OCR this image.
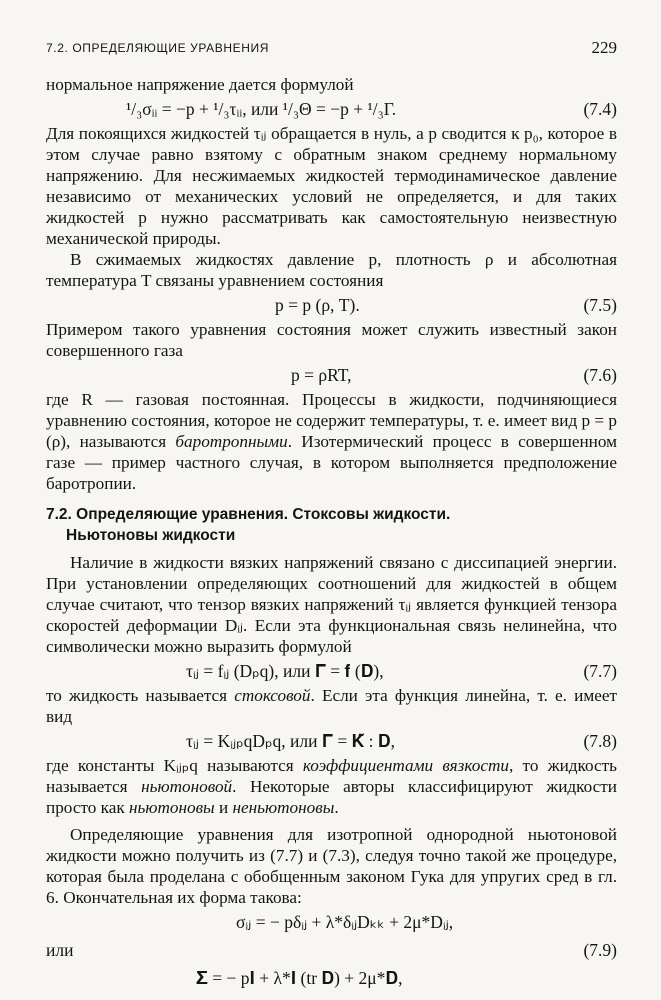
7.2. ОПРЕДЕЛЯЮЩИЕ УРАВНЕНИЯ	229

нормальное напряжение дается формулой

¹/₃σᵢᵢ = −p + ¹/₃τᵢᵢ, или ¹/₃Θ = −p + ¹/₃Γ.	(7.4)

Для покоящихся жидкостей τᵢⱼ обращается в нуль, а p сводится к p₀, которое в этом случае равно взятому с обратным знаком среднему нормальному напряжению. Для несжимаемых жидкостей термодинамическое давление независимо от механических условий не определяется, и для таких жидкостей p нужно рассматривать как самостоятельную неизвестную механической природы.

В сжимаемых жидкостях давление p, плотность ρ и абсолютная температура T связаны уравнением состояния

p = p (ρ, T).	(7.5)

Примером такого уравнения состояния может служить известный закон совершенного газа

p = ρRT,	(7.6)

где R — газовая постоянная. Процессы в жидкости, подчиняющиеся уравнению состояния, которое не содержит температуры, т. е. имеет вид p = p (ρ), называются баротропными. Изотермический процесс в совершенном газе — пример частного случая, в котором выполняется предположение баротропии.

7.2. Определяющие уравнения. Стоксовы жидкости.
Ньютоновы жидкости

Наличие в жидкости вязких напряжений связано с диссипацией энергии. При установлении определяющих соотношений для жидкостей в общем случае считают, что тензор вязких напряжений τᵢⱼ является функцией тензора скоростей деформации Dᵢⱼ. Если эта функциональная связь нелинейна, что символически можно выразить формулой

τᵢⱼ = fᵢⱼ (Dₚq), или 𝚪 = 𝐟 (𝐃),	(7.7)

то жидкость называется стоксовой. Если эта функция линейна, т. е. имеет вид

τᵢⱼ = KᵢⱼₚqDₚq, или 𝚪 = 𝐊̃ : 𝐃,	(7.8)

где константы Kᵢⱼₚq называются коэффициентами вязкости, то жидкость называется ньютоновой. Некоторые авторы классифицируют жидкости просто как ньютоновы и неньютоновы.

Определяющие уравнения для изотропной однородной ньютоновой жидкости можно получить из (7.7) и (7.3), следуя точно такой же процедуре, которая была проделана с обобщенным законом Гука для упругих сред в гл. 6. Окончательная их форма такова:

σᵢⱼ = − pδᵢⱼ + λ*δᵢⱼDₖₖ + 2μ*Dᵢⱼ,
или	(7.9)
𝚺 = − p𝐈 + λ*𝐈 (tr 𝐃) + 2μ*𝐃,
